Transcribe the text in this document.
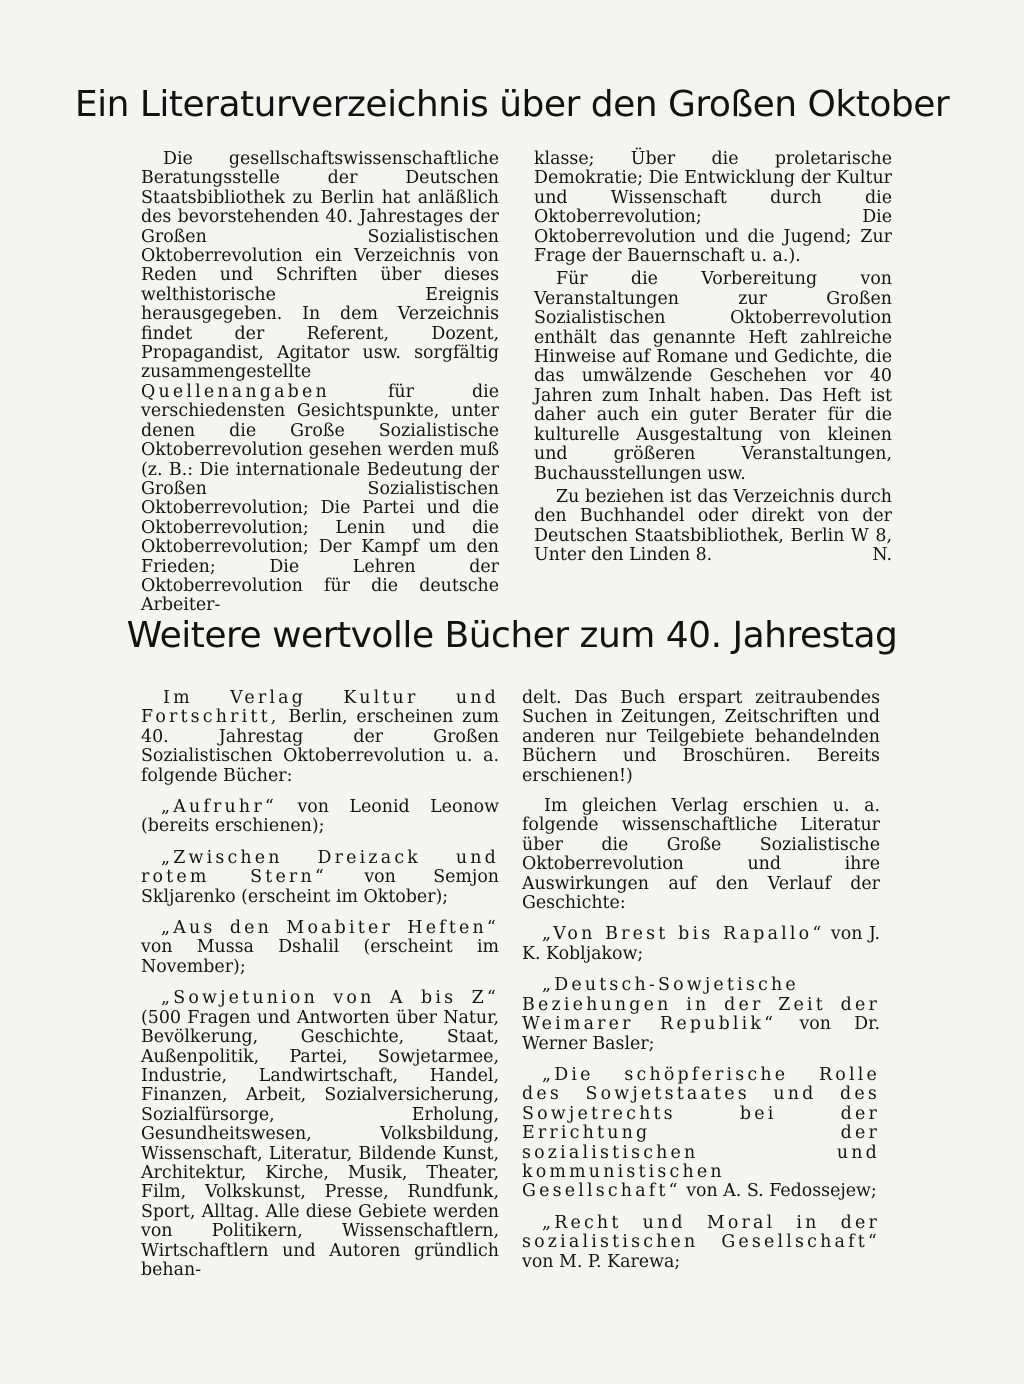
Ein Literaturverzeichnis über den Großen Oktober

Die gesellschaftswissenschaftliche Beratungsstelle der Deutschen Staatsbibliothek zu Berlin hat anläßlich des bevorstehenden 40. Jahrestages der Großen Sozialistischen Oktoberrevolution ein Verzeichnis von Reden und Schriften über dieses welthistorische Ereignis herausgegeben. In dem Verzeichnis findet der Referent, Dozent, Propagandist, Agitator usw. sorgfältig zusammengestellte Quellenangaben	für die verschiedensten Gesichtspunkte, unter denen die Große Sozialistische Oktoberrevolution gesehen werden muß (z. B.: Die internationale Bedeutung der Großen Sozialistischen Oktoberrevolution; Die Partei und die Oktoberrevolution; Lenin und die Oktoberrevolution; Der Kampf um den Frieden; Die Lehren der Oktoberrevolution für die deutsche Arbeiter-

klasse; Über die proletarische Demokratie; Die Entwicklung der Kultur und Wissenschaft durch die Oktoberrevolution; Die Oktoberrevolution und die Jugend; Zur Frage der Bauernschaft u. a.).

Für die Vorbereitung von Veranstaltungen zur Großen Sozialistischen Oktoberrevolution enthält das genannte Heft zahlreiche Hinweise auf Romane und Gedichte, die das umwälzende Geschehen vor 40 Jahren zum Inhalt haben. Das Heft ist daher auch ein guter Berater für die kulturelle Ausgestaltung von kleinen und größeren Veranstaltungen, Buchausstellungen usw.

Zu beziehen ist das Verzeichnis durch den Buchhandel oder direkt von der Deutschen Staatsbibliothek, Berlin W 8, Unter den Linden 8.	N.

Weitere wertvolle Bücher zum 40. Jahrestag

Im Verlag Kultur und Fortschritt, Berlin, erscheinen zum 40. Jahrestag der Großen Sozialistischen Oktoberrevolution u. a. folgende Bücher:

„Aufruhr“ von Leonid Leonow (bereits erschienen);

„Zwischen Dreizack und rotem Stern“ von Semjon Skljarenko (erscheint im Oktober);

„Aus den Moabiter Heften“ von Mussa Dshalil (erscheint im November);

„Sowjetunion von A bis Z“ (500 Fragen und Antworten über Natur, Bevölkerung, Geschichte, Staat, Außenpolitik, Partei, Sowjetarmee, Industrie, Landwirtschaft, Handel, Finanzen, Arbeit, Sozialversicherung, Sozialfürsorge, Erholung, Gesundheitswesen, Volksbildung, Wissenschaft, Literatur, Bildende Kunst, Architektur, Kirche, Musik, Theater, Film, Volkskunst, Presse, Rundfunk, Sport, Alltag. Alle diese Gebiete werden von Politikern, Wissenschaftlern, Wirtschaftlern und Autoren gründlich behan-

delt. Das Buch erspart zeitraubendes Suchen in Zeitungen, Zeitschriften und anderen nur Teilgebiete behandelnden Büchern und Broschüren. Bereits erschienen!)

Im gleichen Verlag erschien u. a. folgende wissenschaftliche Literatur über die Große Sozialistische Oktoberrevolution und ihre Auswirkungen auf den Verlauf der Geschichte:

„Von Brest bis Rapallo“ von J. K. Kobljakow;

„Deutsch-Sowjetische Beziehungen in der Zeit der Weimarer Republik“ von Dr. Werner Basler;

„Die schöpferische Rolle des Sowjetstaates und des Sowjetrechts bei der Errichtung der sozialistischen und kommunistischen Gesellschaft“ von A. S. Fedossejew;

„Recht und Moral in der sozialistischen Gesellschaft“ von M. P. Karewa;
